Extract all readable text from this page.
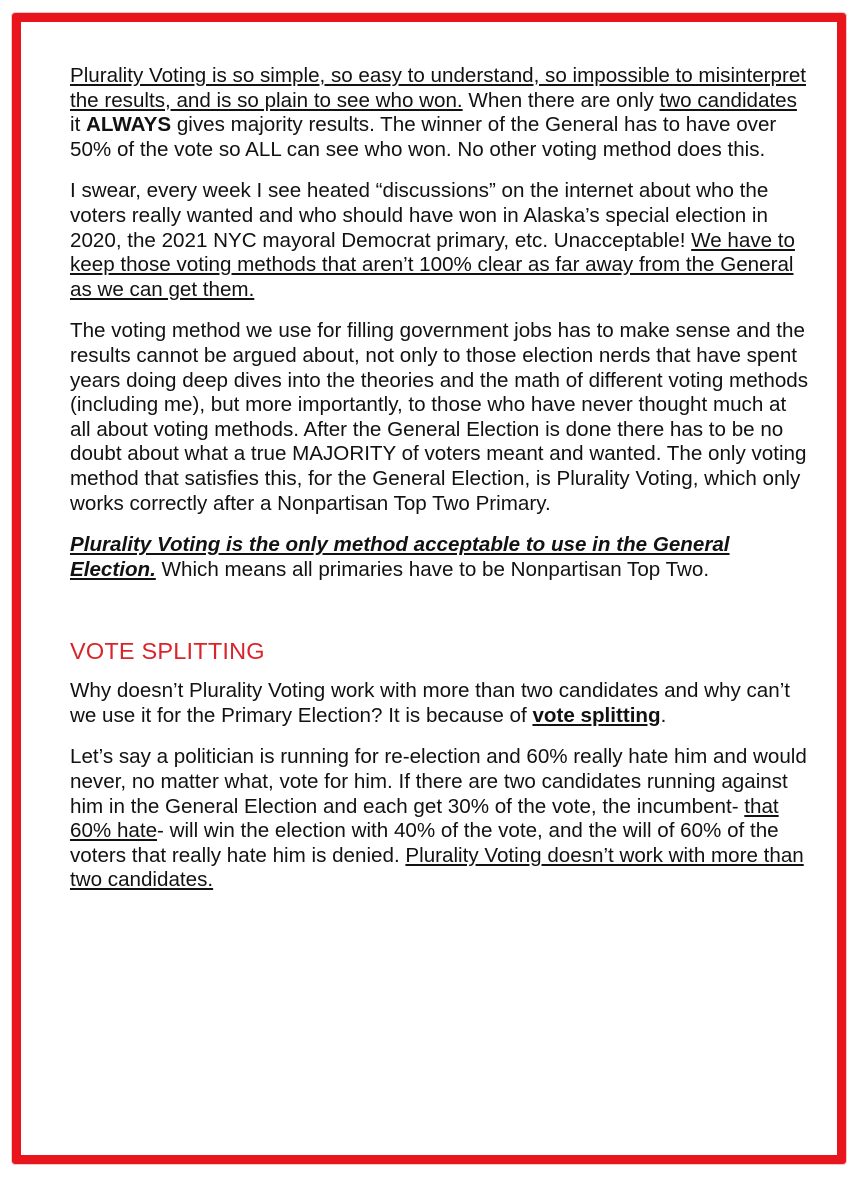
Plurality Voting is so simple, so easy to understand, so impossible to misinterpret the results, and is so plain to see who won. When there are only two candidates it ALWAYS gives majority results. The winner of the General has to have over 50% of the vote so ALL can see who won. No other voting method does this.

I swear, every week I see heated “discussions” on the internet about who the voters really wanted and who should have won in Alaska’s special election in 2020, the 2021 NYC mayoral Democrat primary, etc. Unacceptable! We have to keep those voting methods that aren’t 100% clear as far away from the General as we can get them.

The voting method we use for filling government jobs has to make sense and the results cannot be argued about, not only to those election nerds that have spent years doing deep dives into the theories and the math of different voting methods (including me), but more importantly, to those who have never thought much at all about voting methods. After the General Election is done there has to be no doubt about what a true MAJORITY of voters meant and wanted. The only voting method that satisfies this, for the General Election, is Plurality Voting, which only works correctly after a Nonpartisan Top Two Primary.

Plurality Voting is the only method acceptable to use in the General Election. Which means all primaries have to be Nonpartisan Top Two.

VOTE SPLITTING

Why doesn’t Plurality Voting work with more than two candidates and why can’t we use it for the Primary Election? It is because of vote splitting.

Let’s say a politician is running for re-election and 60% really hate him and would never, no matter what, vote for him. If there are two candidates running against him in the General Election and each get 30% of the vote, the incumbent- that 60% hate- will win the election with 40% of the vote, and the will of 60% of the voters that really hate him is denied. Plurality Voting doesn’t work with more than two candidates.
